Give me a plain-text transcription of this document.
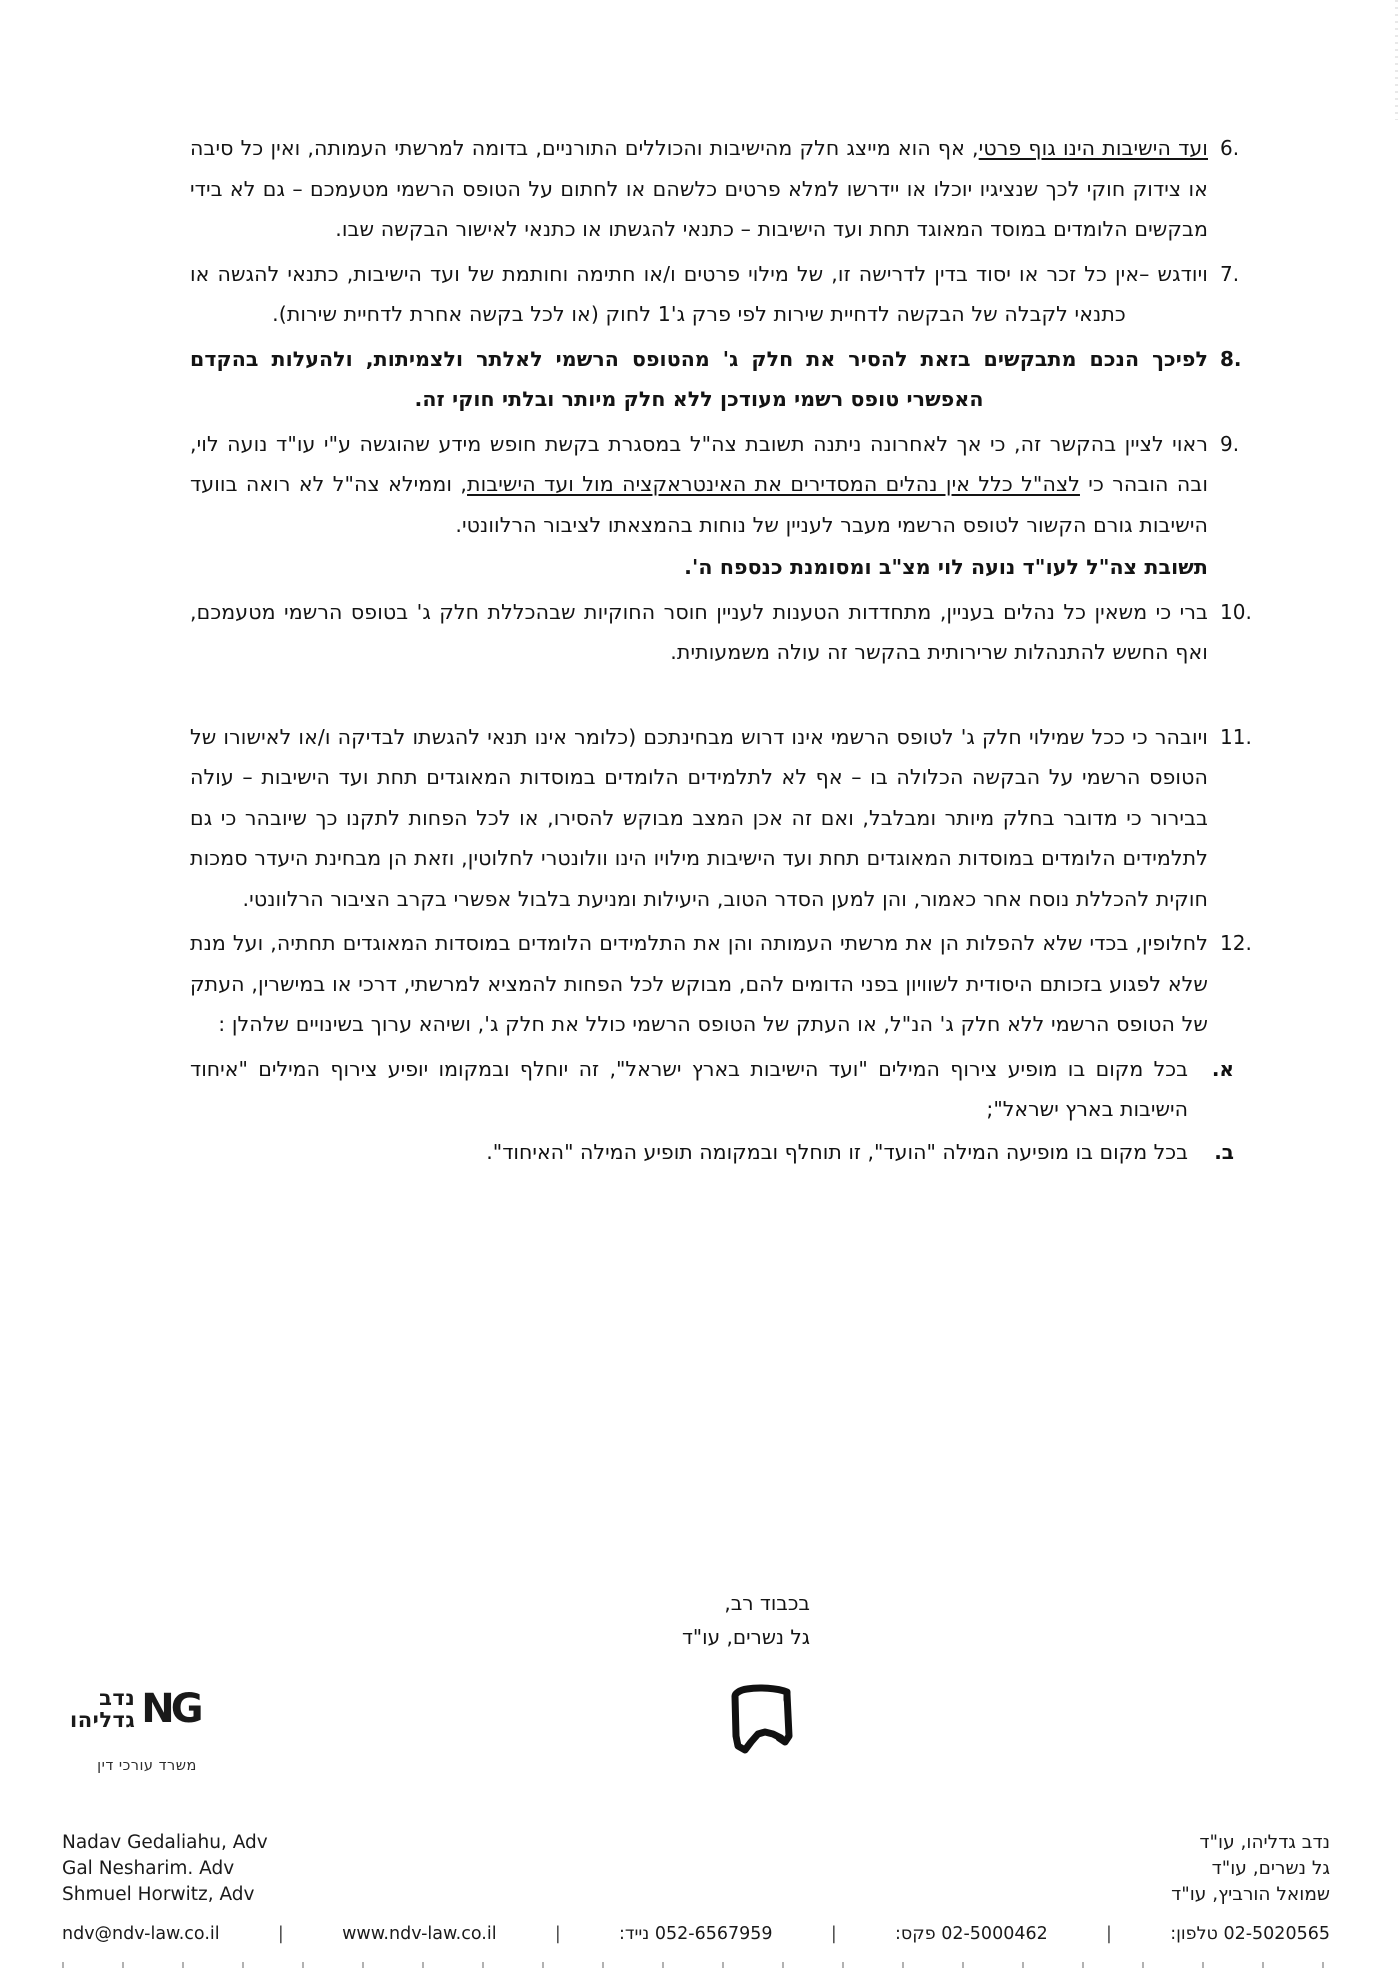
6.
ועד הישיבות הינו גוף פרטי, אף הוא מייצג חלק מהישיבות והכוללים התורניים, בדומה למרשתי העמותה, ואין כל סיבה או צידוק חוקי לכך שנציגיו יוכלו או יידרשו למלא פרטים כלשהם או לחתום על הטופס הרשמי מטעמכם – גם לא בידי מבקשים הלומדים במוסד המאוגד תחת ועד הישיבות – כתנאי להגשתו או כתנאי לאישור הבקשה שבו.
7.
ויודגש –אין כל זכר או יסוד בדין לדרישה זו, של מילוי פרטים ו/או חתימה וחותמת של ועד הישיבות, כתנאי להגשה או כתנאי לקבלה של הבקשה לדחיית שירות לפי פרק ג'1 לחוק (או לכל בקשה אחרת לדחיית שירות).
8.
לפיכך הנכם מתבקשים בזאת להסיר את חלק ג' מהטופס הרשמי לאלתר ולצמיתות, ולהעלות בהקדם האפשרי טופס רשמי מעודכן ללא חלק מיותר ובלתי חוקי זה.
9.
ראוי לציין בהקשר זה, כי אך לאחרונה ניתנה תשובת צה"ל במסגרת בקשת חופש מידע שהוגשה ע"י עו"ד נועה לוי, ובה הובהר כי לצה"ל כלל אין נהלים המסדירים את האינטראקציה מול ועד הישיבות, וממילא צה"ל לא רואה בוועד הישיבות גורם הקשור לטופס הרשמי מעבר לעניין של נוחות בהמצאתו לציבור הרלוונטי.
תשובת צה"ל לעו"ד נועה לוי מצ"ב ומסומנת כנספח ה'.
10.
ברי כי משאין כל נהלים בעניין, מתחדדות הטענות לעניין חוסר החוקיות שבהכללת חלק ג' בטופס הרשמי מטעמכם, ואף החשש להתנהלות שרירותית בהקשר זה עולה משמעותית.
11.
ויובהר כי ככל שמילוי חלק ג' לטופס הרשמי אינו דרוש מבחינתכם (כלומר אינו תנאי להגשתו לבדיקה ו/או לאישורו של הטופס הרשמי על הבקשה הכלולה בו – אף לא לתלמידים הלומדים במוסדות המאוגדים תחת ועד הישיבות – עולה בבירור כי מדובר בחלק מיותר ומבלבל, ואם זה אכן המצב מבוקש להסירו, או לכל הפחות לתקנו כך שיובהר כי גם לתלמידים הלומדים במוסדות המאוגדים תחת ועד הישיבות מילויו הינו וולונטרי לחלוטין, וזאת הן מבחינת היעדר סמכות חוקית להכללת נוסח אחר כאמור, והן למען הסדר הטוב, היעילות ומניעת בלבול אפשרי בקרב הציבור הרלוונטי.
12.
לחלופין, בכדי שלא להפלות הן את מרשתי העמותה והן את התלמידים הלומדים במוסדות המאוגדים תחתיה, ועל מנת שלא לפגוע בזכותם היסודית לשוויון בפני הדומים להם, מבוקש לכל הפחות להמציא למרשתי, דרכי או במישרין, העתק של הטופס הרשמי ללא חלק ג' הנ"ל, או העתק של הטופס הרשמי כולל את חלק ג', ושיהא ערוך בשינויים שלהלן :
א.
בכל מקום בו מופיע צירוף המילים "ועד הישיבות בארץ ישראל", זה יוחלף ובמקומו יופיע צירוף המילים "איחוד הישיבות בארץ ישראל";
ב.
בכל מקום בו מופיעה המילה "הועד", זו תוחלף ובמקומה תופיע המילה "האיחוד".
בכבוד רב,
גל נשרים, עו"ד
NG
נדב
גדליהו
משרד עורכי דין
Nadav Gedaliahu, Adv
Gal Nesharim. Adv
Shmuel Horwitz, Adv
נדב גדליהו, עו"ד
גל נשרים, עו"ד
שמואל הורביץ, עו"ד
ndv@ndv-law.co.il	|	www.ndv-law.co.il	|	052-6567959 נייד:	|	02-5000462 פקס:	|	02-5020565 טלפון:
